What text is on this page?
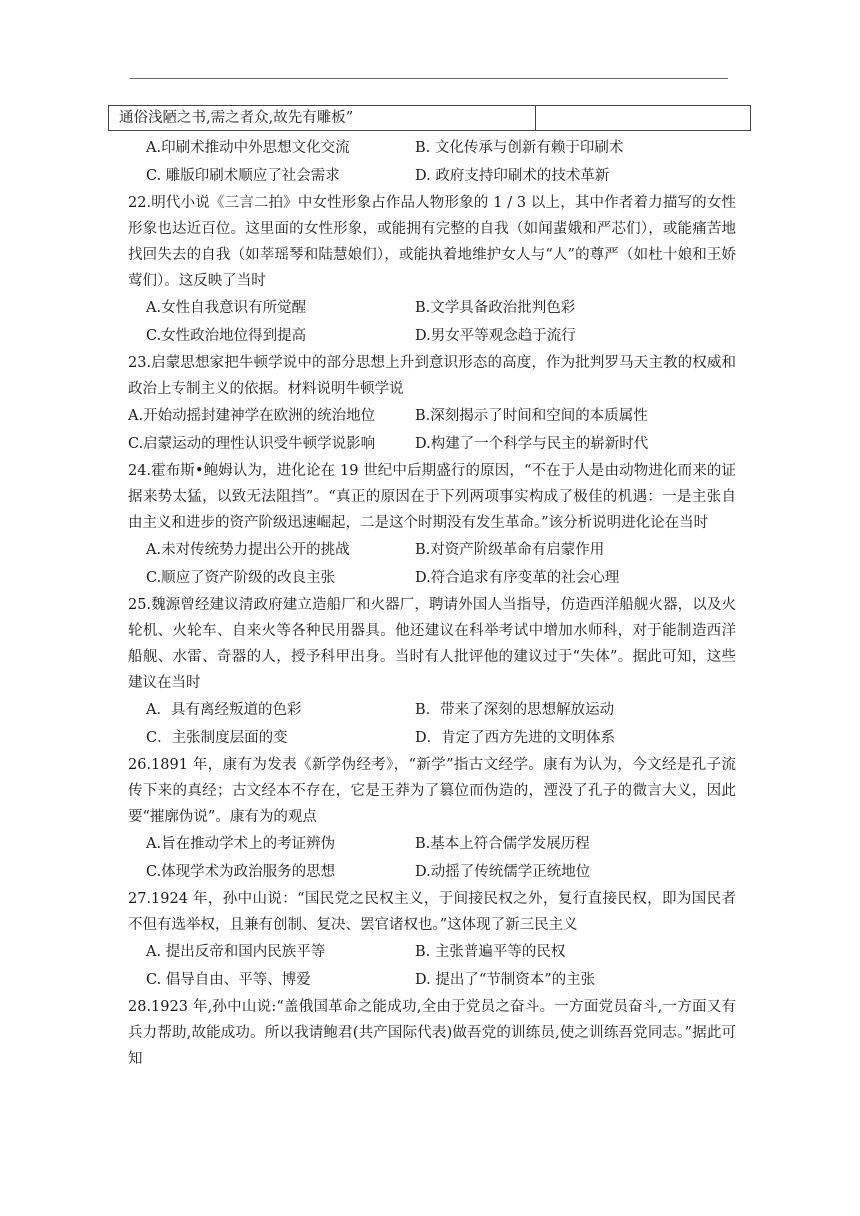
通俗浅陋之书,需之者众,故先有雕板”
A.印刷术推动中外思想文化交流	B. 文化传承与创新有赖于印刷术
C. 雕版印刷术顺应了社会需求	D. 政府支持印刷术的技术革新

22.明代小说《三言二拍》中女性形象占作品人物形象的 1 / 3 以上，其中作者着力描写的女性形象也达近百位。这里面的女性形象，或能拥有完整的自我（如闻蜚娥和严芯们），或能痛苦地找回失去的自我（如莘瑶琴和陆慧娘们），或能执着地维护女人与“人”的尊严（如杜十娘和王娇莺们）。这反映了当时

A.女性自我意识有所觉醒	B.文学具备政治批判色彩
C.女性政治地位得到提高	D.男女平等观念趋于流行

23.启蒙思想家把牛顿学说中的部分思想上升到意识形态的高度，作为批判罗马天主教的权威和政治上专制主义的依据。材料说明牛顿学说

A.开始动摇封建神学在欧洲的统治地位	B.深刻揭示了时间和空间的本质属性
C.启蒙运动的理性认识受牛顿学说影响	D.构建了一个科学与民主的崭新时代

24.霍布斯•鲍姆认为，进化论在 19 世纪中后期盛行的原因，“不在于人是由动物进化而来的证据来势太猛，以致无法阻挡”。“真正的原因在于下列两项事实构成了极佳的机遇：一是主张自由主义和进步的资产阶级迅速崛起，二是这个时期没有发生革命。”该分析说明进化论在当时

A.未对传统势力提出公开的挑战	B.对资产阶级革命有启蒙作用
C.顺应了资产阶级的改良主张	D.符合追求有序变革的社会心理

25.魏源曾经建议清政府建立造船厂和火器厂，聘请外国人当指导，仿造西洋船舰火器，以及火轮机、火轮车、自来火等各种民用器具。他还建议在科举考试中增加水师科，对于能制造西洋船舰、水雷、奇器的人，授予科甲出身。当时有人批评他的建议过于“失体”。据此可知，这些建议在当时

A．具有离经叛道的色彩	B．带来了深刻的思想解放运动
C．主张制度层面的变	D．肯定了西方先进的文明体系

26.1891 年，康有为发表《新学伪经考》，“新学”指古文经学。康有为认为，今文经是孔子流传下来的真经；古文经本不存在，它是王莽为了篡位而伪造的，湮没了孔子的微言大义，因此要“摧廓伪说”。康有为的观点

A.旨在推动学术上的考证辨伪	B.基本上符合儒学发展历程
C.体现学术为政治服务的思想	D.动摇了传统儒学正统地位

27.1924 年，孙中山说：“国民党之民权主义，于间接民权之外，复行直接民权，即为国民者不但有选举权，且兼有创制、复决、罢官诸权也。”这体现了新三民主义

A. 提出反帝和国内民族平等	B. 主张普遍平等的民权
C. 倡导自由、平等、博爱	D. 提出了“节制资本”的主张

28.1923 年,孙中山说:“盖俄国革命之能成功,全由于党员之奋斗。一方面党员奋斗,一方面又有兵力帮助,故能成功。所以我请鲍君(共产国际代表)做吾党的训练员,使之训练吾党同志。”据此可知
